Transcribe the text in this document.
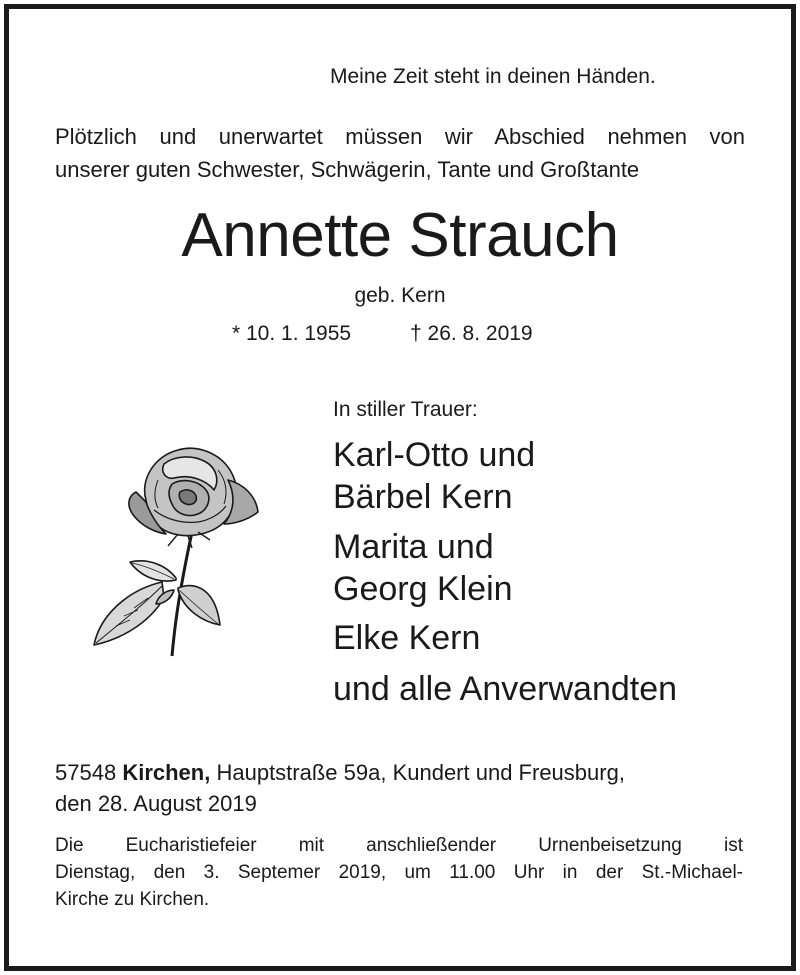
Meine Zeit steht in deinen Händen.
Plötzlich und unerwartet müssen wir Abschied nehmen von
unserer guten Schwester, Schwägerin, Tante und Großtante
Annette Strauch
geb. Kern
* 10. 1. 1955	† 26. 8. 2019
In stiller Trauer:
Karl-Otto und
Bärbel Kern
Marita und
Georg Klein
Elke Kern
und alle Anverwandten
57548 Kirchen, Hauptstraße 59a, Kundert und Freusburg,
den 28. August 2019
Die Eucharistiefeier mit anschließender Urnenbeisetzung ist
Dienstag, den 3. Septemer 2019, um 11.00 Uhr in der St.-Michael-
Kirche zu Kirchen.
